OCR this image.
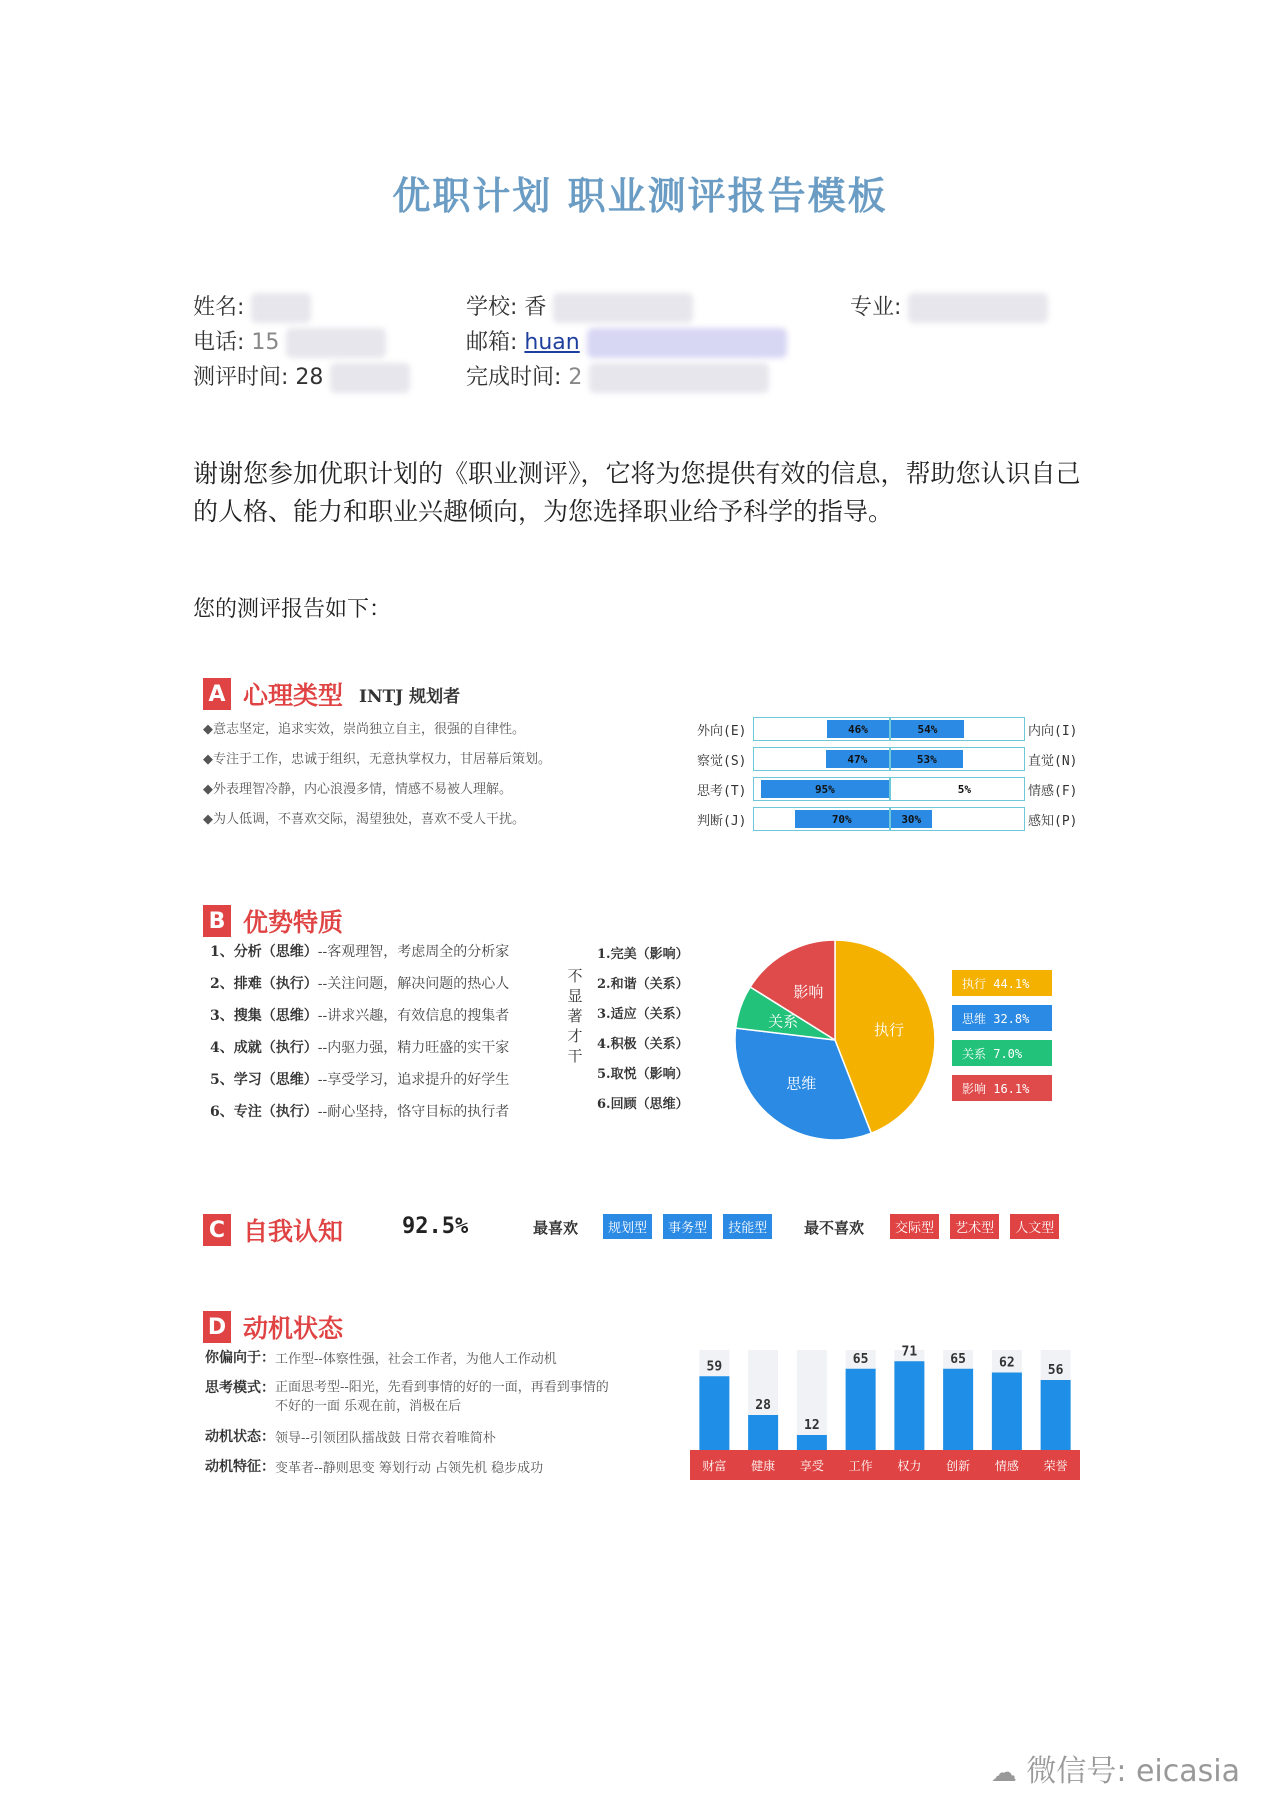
优职计划 职业测评报告模板
姓名:	学校: 香	专业:
电话: 15	邮箱: huan
测评时间: 28	完成时间: 2
谢谢您参加优职计划的《职业测评》，它将为您提供有效的信息，帮助您认识自己的人格、能力和职业兴趣倾向，为您选择职业给予科学的指导。
您的测评报告如下：
A 心理类型 INTJ 规划者
◆意志坚定，追求实效，崇尚独立自主，很强的自律性。
◆专注于工作，忠诚于组织，无意执掌权力，甘居幕后策划。
◆外表理智冷静，内心浪漫多情，情感不易被人理解。
◆为人低调，不喜欢交际，渴望独处，喜欢不受人干扰。
外向(E)	46%	54%	内向(I)
察觉(S)	47%	53%	直觉(N)
思考(T)	95%	5%	情感(F)
判断(J)	70%	30%	感知(P)
B 优势特质
1、分析（思维）--客观理智，考虑周全的分析家
2、排难（执行）--关注问题，解决问题的热心人
3、搜集（思维）--讲求兴趣，有效信息的搜集者
4、成就（执行）--内驱力强，精力旺盛的实干家
5、学习（思维）--享受学习，追求提升的好学生
6、专注（执行）--耐心坚持，恪守目标的执行者
不显著才干
1.完美（影响）
2.和谐（关系）
3.适应（关系）
4.积极（关系）
5.取悦（影响）
6.回顾（思维）
执行
思维
关系
影响	执行 44.1%
思维 32.8%
关系 7.0%
影响 16.1%
C 自我认知	92.5%	最喜欢	规划型 事务型 技能型	最不喜欢	交际型 艺术型 人文型
D 动机状态
你偏向于： 工作型--体察性强，社会工作者，为他人工作动机
思考模式： 正面思考型--阳光，先看到事情的好的一面，再看到事情的不好的一面 乐观在前，消极在后
动机状态： 领导--引领团队擂战鼓 日常衣着唯简朴
动机特征： 变革者--静则思变 筹划行动 占领先机 稳步成功
59
财富
28
健康
12
享受
65
工作
71
权力
65
创新
62
情感
56
荣誉
☁ 微信号: eicasia
